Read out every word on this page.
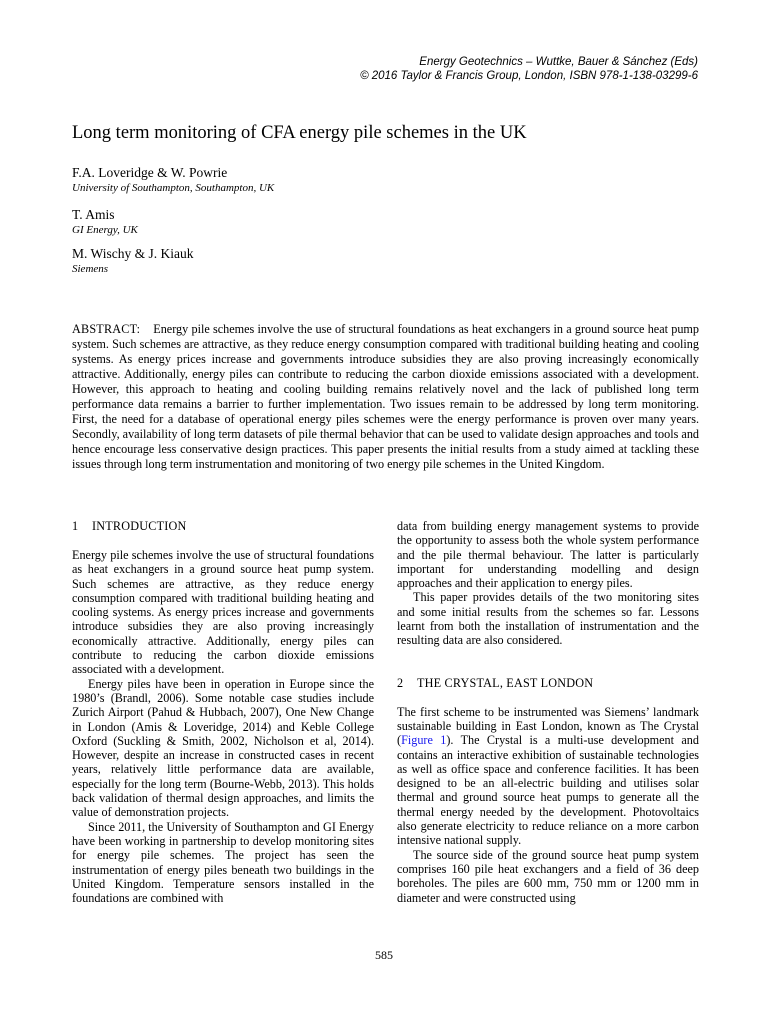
Energy Geotechnics – Wuttke, Bauer & Sánchez (Eds)
© 2016 Taylor & Francis Group, London, ISBN 978-1-138-03299-6
Long term monitoring of CFA energy pile schemes in the UK
F.A. Loveridge & W. Powrie
University of Southampton, Southampton, UK
T. Amis
GI Energy, UK
M. Wischy & J. Kiauk
Siemens
ABSTRACT: Energy pile schemes involve the use of structural foundations as heat exchangers in a ground source heat pump system. Such schemes are attractive, as they reduce energy consumption compared with traditional building heating and cooling systems. As energy prices increase and governments introduce subsidies they are also proving increasingly economically attractive. Additionally, energy piles can contribute to reducing the carbon dioxide emissions associated with a development. However, this approach to heating and cooling building remains relatively novel and the lack of published long term performance data remains a barrier to further implementation. Two issues remain to be addressed by long term monitoring. First, the need for a database of operational energy piles schemes were the energy performance is proven over many years. Secondly, availability of long term datasets of pile thermal behavior that can be used to validate design approaches and tools and hence encourage less conservative design practices. This paper presents the initial results from a study aimed at tackling these issues through long term instrumentation and monitoring of two energy pile schemes in the United Kingdom.

1 INTRODUCTION

Energy pile schemes involve the use of structural foundations as heat exchangers in a ground source heat pump system. Such schemes are attractive, as they reduce energy consumption compared with traditional building heating and cooling systems. As energy prices increase and governments introduce subsidies they are also proving increasingly economically attractive. Additionally, energy piles can contribute to reducing the carbon dioxide emissions associated with a development.

Energy piles have been in operation in Europe since the 1980’s (Brandl, 2006). Some notable case studies include Zurich Airport (Pahud & Hubbach, 2007), One New Change in London (Amis & Loveridge, 2014) and Keble College Oxford (Suckling & Smith, 2002, Nicholson et al, 2014). However, despite an increase in constructed cases in recent years, relatively little performance data are available, especially for the long term (Bourne-Webb, 2013). This holds back validation of thermal design approaches, and limits the value of demonstration projects.

Since 2011, the University of Southampton and GI Energy have been working in partnership to develop monitoring sites for energy pile schemes. The project has seen the instrumentation of energy piles beneath two buildings in the United Kingdom. Temperature sensors installed in the foundations are combined with

data from building energy management systems to provide the opportunity to assess both the whole system performance and the pile thermal behaviour. The latter is particularly important for understanding modelling and design approaches and their application to energy piles.

This paper provides details of the two monitoring sites and some initial results from the schemes so far. Lessons learnt from both the installation of instrumentation and the resulting data are also considered.

2 THE CRYSTAL, EAST LONDON

The first scheme to be instrumented was Siemens’ landmark sustainable building in East London, known as The Crystal (Figure 1). The Crystal is a multi-use development and contains an interactive exhibition of sustainable technologies as well as office space and conference facilities. It has been designed to be an all-electric building and utilises solar thermal and ground source heat pumps to generate all the thermal energy needed by the development. Photovoltaics also generate electricity to reduce reliance on a more carbon intensive national supply.

The source side of the ground source heat pump system comprises 160 pile heat exchangers and a field of 36 deep boreholes. The piles are 600 mm, 750 mm or 1200 mm in diameter and were constructed using

585
